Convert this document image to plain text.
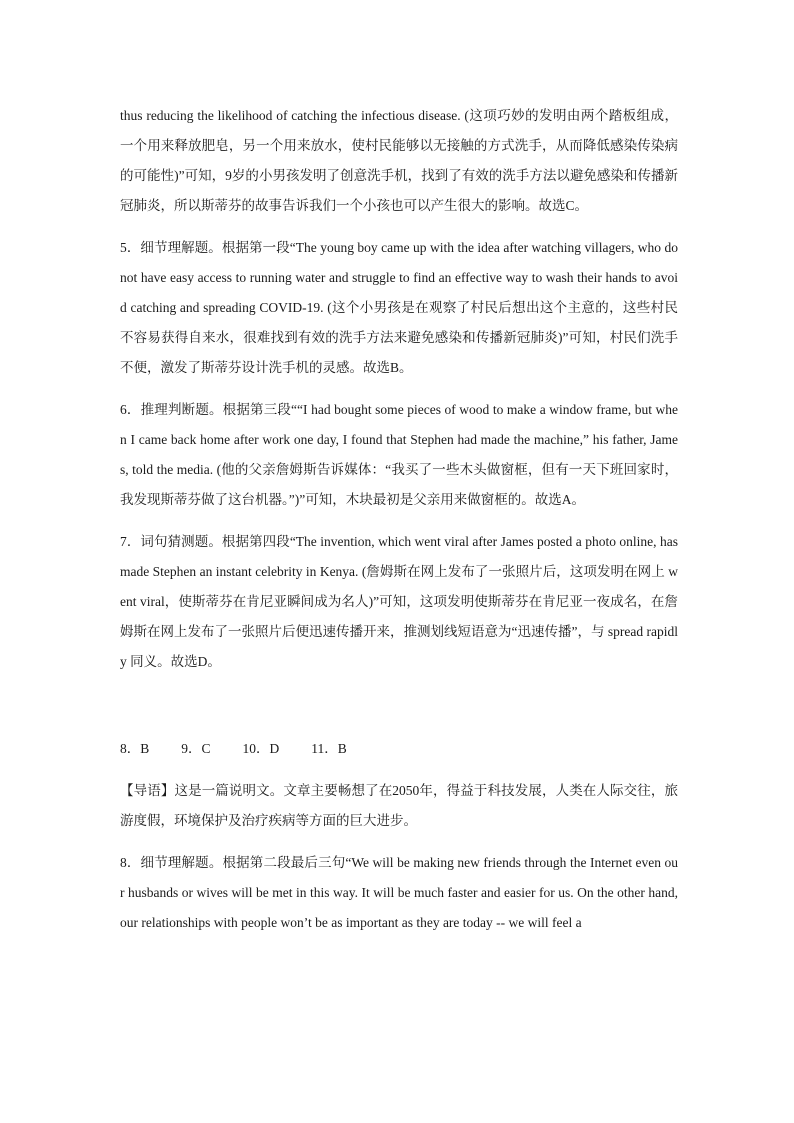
thus reducing the likelihood of catching the infectious disease. (这项巧妙的发明由两个踏板组成，一个用来释放肥皂，另一个用来放水，使村民能够以无接触的方式洗手，从而降低感染传染病的可能性)”可知，9岁的小男孩发明了创意洗手机，找到了有效的洗手方法以避免感染和传播新冠肺炎，所以斯蒂芬的故事告诉我们一个小孩也可以产生很大的影响。故选C。

5．细节理解题。根据第一段“The young boy came up with the idea after watching villagers, who do not have easy access to running water and struggle to find an effective way to wash their hands to avoid catching and spreading COVID-19. (这个小男孩是在观察了村民后想出这个主意的，这些村民不容易获得自来水，很难找到有效的洗手方法来避免感染和传播新冠肺炎)”可知，村民们洗手不便，激发了斯蒂芬设计洗手机的灵感。故选B。

6．推理判断题。根据第三段““I had bought some pieces of wood to make a window frame, but when I came back home after work one day, I found that Stephen had made the machine,” his father, James, told the media. (他的父亲詹姆斯告诉媒体：“我买了一些木头做窗框，但有一天下班回家时，我发现斯蒂芬做了这台机器。”)”可知，木块最初是父亲用来做窗框的。故选A。

7．词句猜测题。根据第四段“The invention, which went viral after James posted a photo online, has made Stephen an instant celebrity in Kenya. (詹姆斯在网上发布了一张照片后，这项发明在网上 went viral，使斯蒂芬在肯尼亚瞬间成为名人)”可知，这项发明使斯蒂芬在肯尼亚一夜成名，在詹姆斯在网上发布了一张照片后便迅速传播开来，推测划线短语意为“迅速传播”，与 spread rapidly 同义。故选D。

8．B 9．C 10．D 11．B

【导语】这是一篇说明文。文章主要畅想了在2050年，得益于科技发展，人类在人际交往，旅游度假，环境保护及治疗疾病等方面的巨大进步。

8．细节理解题。根据第二段最后三句“We will be making new friends through the Internet even our husbands or wives will be met in this way. It will be much faster and easier for us. On the other hand, our relationships with people won’t be as important as they are today -- we will feel a
